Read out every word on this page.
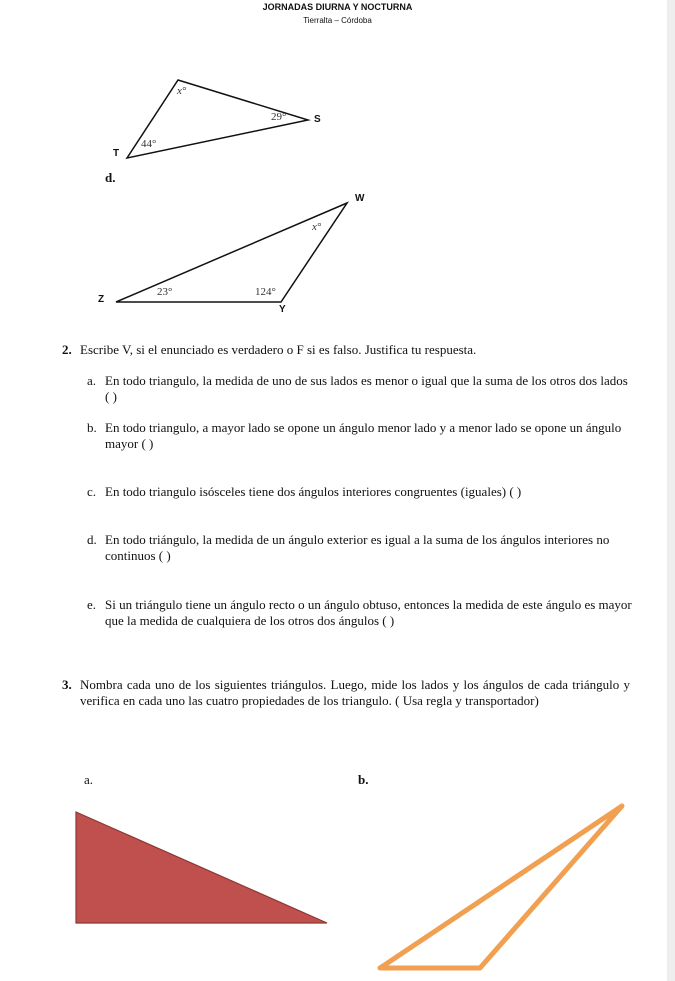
JORNADAS DIURNA Y NOCTURNA
Tierralta – Córdoba
x°
29°
44°
T
S
d.
W
Z
Y
x°
23°	124°
2. Escribe V, si el enunciado es verdadero o F si es falso. Justifica tu respuesta.
a. En todo triangulo, la medida de uno de sus lados es menor o igual que la suma de los otros dos lados ( )
b. En todo triangulo, a mayor lado se opone un ángulo menor lado y a menor lado se opone un ángulo mayor ( )
c. En todo triangulo isósceles tiene dos ángulos interiores congruentes (iguales) ( )
d. En todo triángulo, la medida de un ángulo exterior es igual a la suma de los ángulos interiores no continuos ( )
e. Si un triángulo tiene un ángulo recto o un ángulo obtuso, entonces la medida de este ángulo es mayor que la medida de cualquiera de los otros dos ángulos ( )
3. Nombra cada uno de los siguientes triángulos. Luego, mide los lados y los ángulos de cada triángulo y verifica en cada uno las cuatro propiedades de los triangulo. ( Usa regla y transportador)
a.	b.
